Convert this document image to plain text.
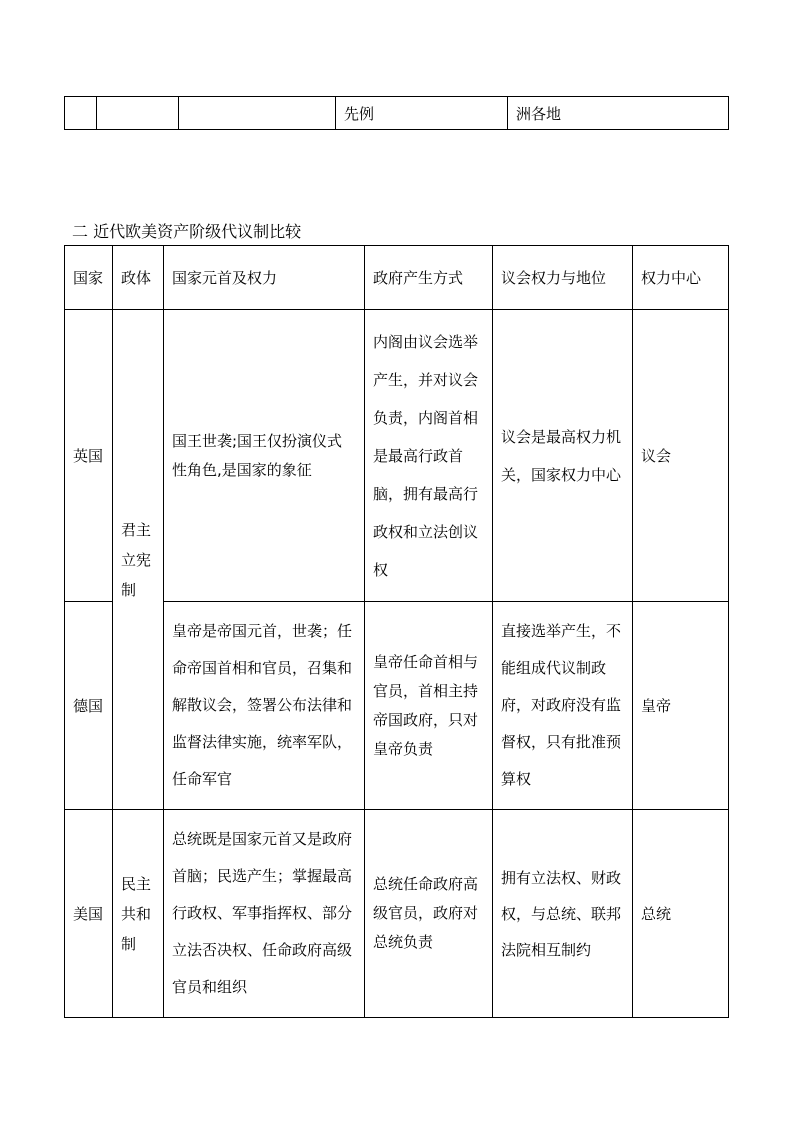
			先例	洲各地
二 近代欧美资产阶级代议制比较
国家	政体	国家元首及权力	政府产生方式	议会权力与地位	权力中心
英国	君主立宪制	国王世袭;国王仅扮演仪式性角色,是国家的象征	内阁由议会选举产生，并对议会负责，内阁首相是最高行政首脑，拥有最高行政权和立法创议权	议会是最高权力机关，国家权力中心	议会
德国		皇帝是帝国元首，世袭；任命帝国首相和官员，召集和解散议会，签署公布法律和监督法律实施，统率军队，任命军官	皇帝任命首相与官员，首相主持帝国政府，只对皇帝负责	直接选举产生，不能组成代议制政府，对政府没有监督权，只有批准预算权	皇帝
美国	民主共和制	总统既是国家元首又是政府首脑；民选产生；掌握最高行政权、军事指挥权、部分立法否决权、任命政府高级官员和组织	总统任命政府高级官员，政府对总统负责	拥有立法权、财政权，与总统、联邦法院相互制约	总统
